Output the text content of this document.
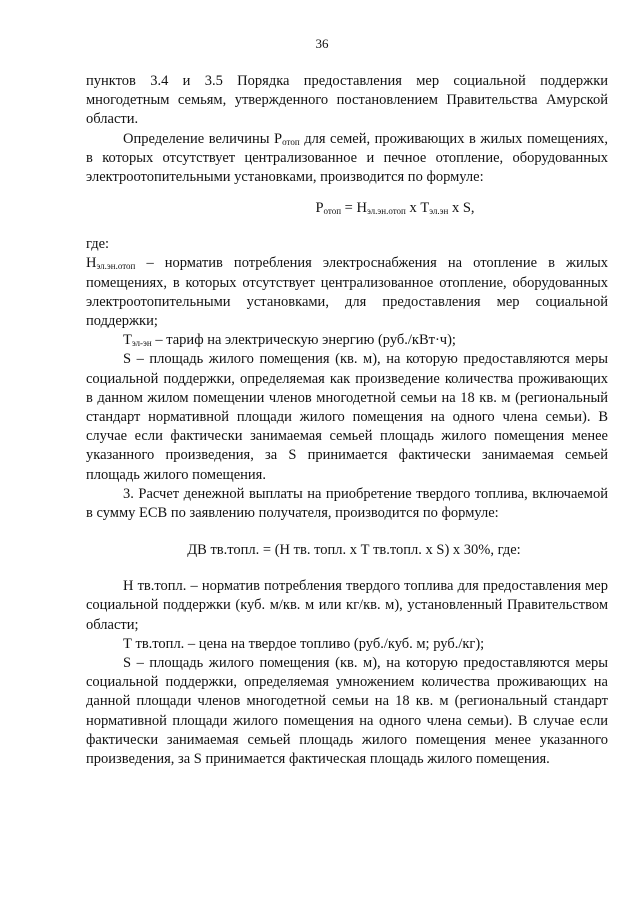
36

пунктов 3.4 и 3.5 Порядка предоставления мер социальной поддержки многодетным семьям, утвержденного постановлением Правительства Амурской области.

Определение величины $Р_{отоп}$ для семей, проживающих в жилых помещениях, в которых отсутствует централизованное и печное отопление, оборудованных электроотопительными установками, производится по формуле:

$Р_{отоп} = Н_{эл.эн.отоп}$ x $Т_{эл.эн}$ x S,

где:

$Н_{эл.эн.отоп}$ – норматив потребления электроснабжения на отопление в жилых помещениях, в которых отсутствует централизованное отопление, оборудованных электроотопительными установками, для предоставления мер социальной поддержки;

$Т_{эл-эн}$ – тариф на электрическую энергию (руб./кВт·ч);

S – площадь жилого помещения (кв. м), на которую предоставляются меры социальной поддержки, определяемая как произведение количества проживающих в данном жилом помещении членов многодетной семьи на 18 кв. м (региональный стандарт нормативной площади жилого помещения на одного члена семьи). В случае если фактически занимаемая семьей площадь жилого помещения менее указанного произведения, за S принимается фактически занимаемая семьей площадь жилого помещения.

3. Расчет денежной выплаты на приобретение твердого топлива, включаемой в сумму ЕСВ по заявлению получателя, производится по формуле:

ДВ тв.топл. = (Н тв. топл. x Т тв.топл. x S) x 30%, где:

Н тв.топл. – норматив потребления твердого топлива для предоставления мер социальной поддержки (куб. м/кв. м или кг/кв. м), установленный Правительством области;

Т тв.топл. – цена на твердое топливо (руб./куб. м; руб./кг);

S – площадь жилого помещения (кв. м), на которую предоставляются меры социальной поддержки, определяемая умножением количества проживающих на данной площади членов многодетной семьи на 18 кв. м (региональный стандарт нормативной площади жилого помещения на одного члена семьи). В случае если фактически занимаемая семьей площадь жилого помещения менее указанного произведения, за S принимается фактическая площадь жилого помещения.
